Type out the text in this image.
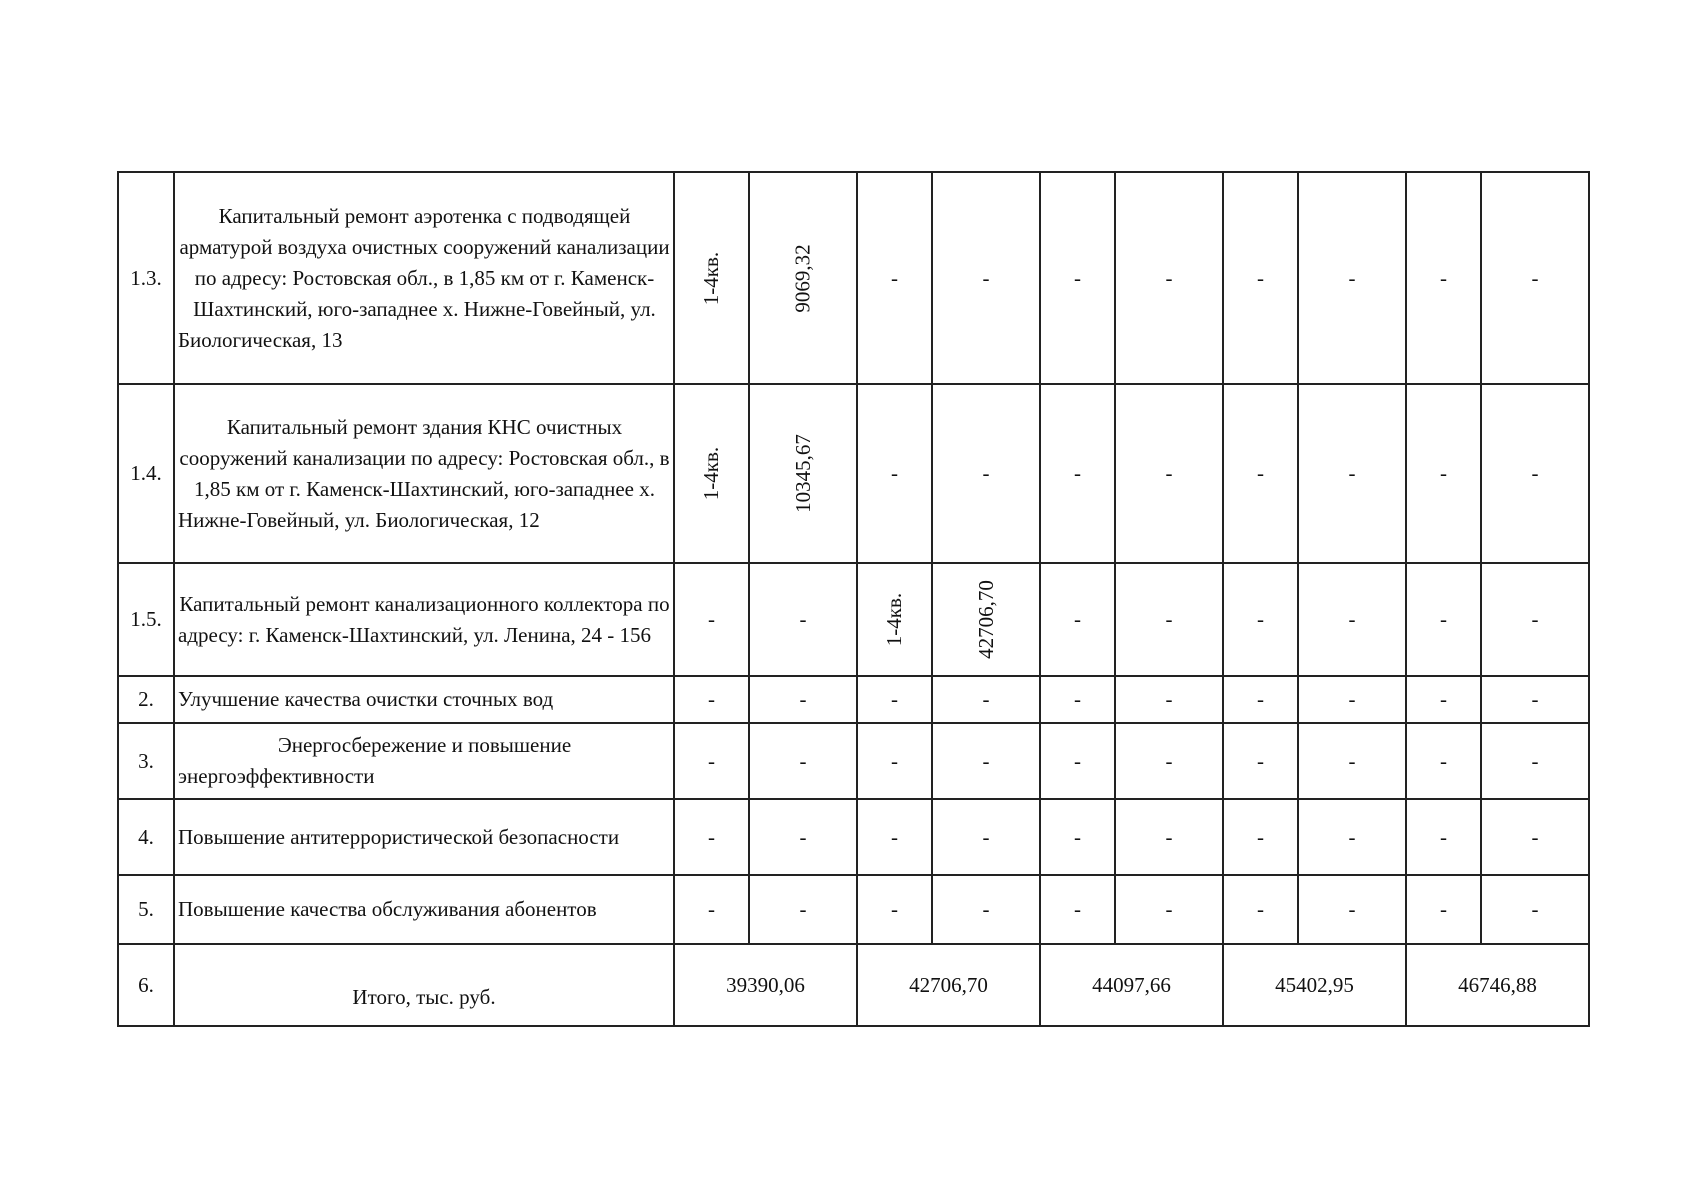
1.3.	Капитальный ремонт аэротенка с подводящей арматурой воздуха очистных сооружений канализации по адресу: Ростовская обл., в 1,85 км от г. Каменск-Шахтинский, юго-западнее х. Нижне-Говейный, ул. Биологическая, 13	1-4кв.	9069,32	-	-	-	-	-	-	-	-
1.4.	Капитальный ремонт здания КНС очистных сооружений канализации по адресу: Ростовская обл., в 1,85 км от г. Каменск-Шахтинский, юго-западнее х. Нижне-Говейный, ул. Биологическая, 12	1-4кв.	10345,67	-	-	-	-	-	-	-	-
1.5.	Капитальный ремонт канализационного коллектора по адресу: г. Каменск-Шахтинский, ул. Ленина, 24 - 156	-	-	1-4кв.	42706,70	-	-	-	-	-	-
2.	Улучшение качества очистки сточных вод	-	-	-	-	-	-	-	-	-	-
3.	Энергосбережение и повышение энергоэффективности	-	-	-	-	-	-	-	-	-	-
4.	Повышение антитеррористической безопасности	-	-	-	-	-	-	-	-	-	-
5.	Повышение качества обслуживания абонентов	-	-	-	-	-	-	-	-	-	-
6.	Итого, тыс. руб.	39390,06		42706,70		44097,66		45402,95		46746,88	
